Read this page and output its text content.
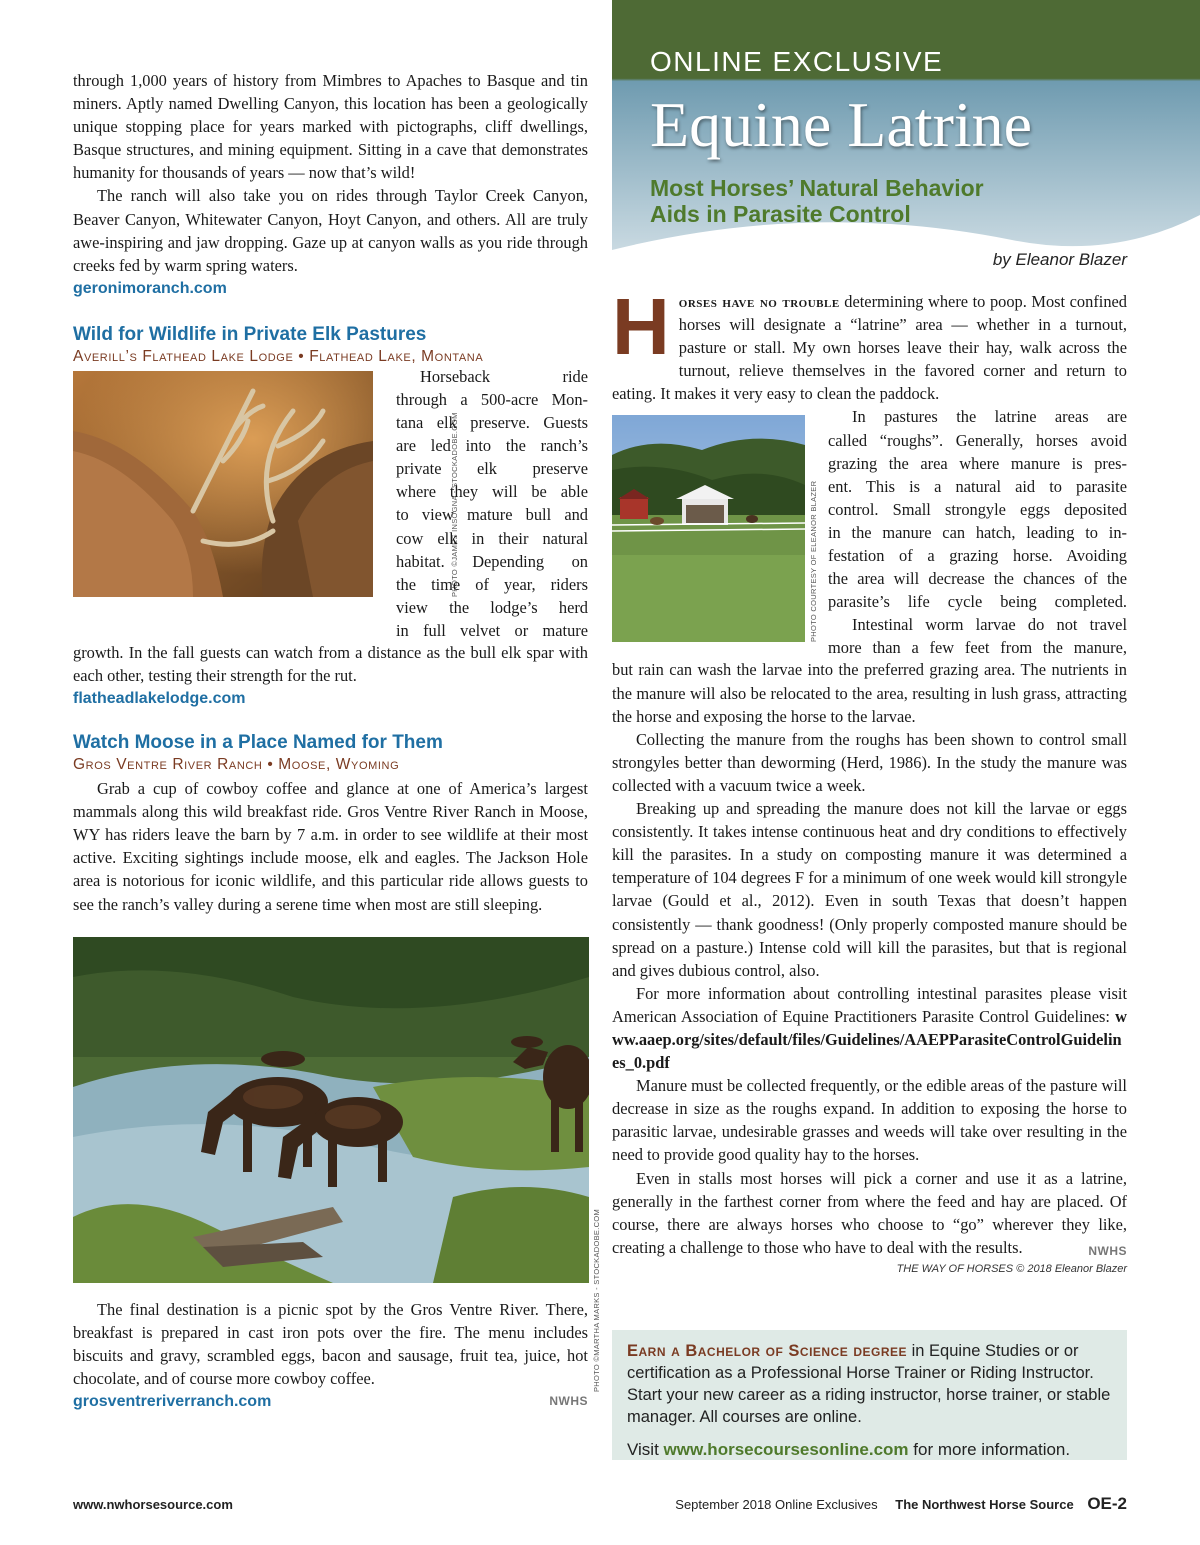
through 1,000 years of history from Mimbres to Apaches to Basque and tin miners. Aptly named Dwelling Canyon, this location has been a geologically unique stopping place for years marked with pictographs, cliff dwellings, Basque structures, and mining equipment. Sitting in a cave that demonstrates humanity for thousands of years — now that’s wild!

The ranch will also take you on rides through Taylor Creek Canyon, Beaver Canyon, Whitewater Canyon, Hoyt Canyon, and others. All are truly awe-inspiring and jaw dropping. Gaze up at canyon walls as you ride through creeks fed by warm spring waters.

geronimoranch.com
Wild for Wildlife in Private Elk Pastures
Averill’s Flathead Lake Lodge • Flathead Lake, Montana
PHOTO ©JAMES INSOGNA - STOCKADOBE.COM
Horseback ride
through a 500-acre Mon-
tana elk preserve. Guests
are led into the ranch’s
private elk preserve
where they will be able
to view mature bull and
cow elk in their natural
habitat. Depending on
the time of year, riders
view the lodge’s herd
in full velvet or mature

growth. In the fall guests can watch from a distance as the bull elk spar with each other, testing their strength for the rut.

flatheadlakelodge.com
Watch Moose in a Place Named for Them
Gros Ventre River Ranch • Moose, Wyoming

Grab a cup of cowboy coffee and glance at one of America’s largest mammals along this wild breakfast ride. Gros Ventre River Ranch in Moose, WY has riders leave the barn by 7 a.m. in order to see wildlife at their most active. Exciting sightings include moose, elk and eagles. The Jackson Hole area is notorious for iconic wildlife, and this particular ride allows guests to see the ranch’s valley during a serene time when most are still sleeping.

PHOTO ©MARTHA MARKS - STOCKADOBE.COM

The final destination is a picnic spot by the Gros Ventre River. There, breakfast is prepared in cast iron pots over the fire. The menu includes biscuits and gravy, scrambled eggs, bacon and sausage, fruit tea, juice, hot chocolate, and of course more cowboy coffee.

grosventreriverranch.com	NWHS
ONLINE EXCLUSIVE
Equine Latrine
Most Horses’ Natural Behavior
Aids in Parasite Control
by Eleanor Blazer

Horses have no trouble determining where to poop. Most confined horses will designate a “latrine” area — whether in a turnout, pasture or stall. My own horses leave their hay, walk across the turnout, relieve themselves in the favored corner and return to eating. It makes it very easy to clean the paddock.

PHOTO COURTESY OF ELEANOR BLAZER
In pastures the latrine areas are
called “roughs”. Generally, horses avoid
grazing the area where manure is pres-
ent. This is a natural aid to parasite
control. Small strongyle eggs deposited
in the manure can hatch, leading to in-
festation of a grazing horse. Avoiding
the area will decrease the chances of the
parasite’s life cycle being completed.
Intestinal worm larvae do not travel
more than a few feet from the manure,

but rain can wash the larvae into the preferred grazing area. The nutrients in the manure will also be relocated to the area, resulting in lush grass, attracting the horse and exposing the horse to the larvae.

Collecting the manure from the roughs has been shown to control small strongyles better than deworming (Herd, 1986). In the study the manure was collected with a vacuum twice a week.

Breaking up and spreading the manure does not kill the larvae or eggs consistently. It takes intense continuous heat and dry conditions to effectively kill the parasites. In a study on composting manure it was determined a temperature of 104 degrees F for a minimum of one week would kill strongyle larvae (Gould et al., 2012). Even in south Texas that doesn’t happen consistently — thank goodness! (Only properly composted manure should be spread on a pasture.) Intense cold will kill the parasites, but that is regional and gives dubious control, also.

For more information about controlling intestinal parasites please visit American Association of Equine Practitioners Parasite Control Guidelines: www.aaep.org/sites/default/files/Guidelines/AAEPParasiteControlGuidelines_0.pdf

Manure must be collected frequently, or the edible areas of the pasture will decrease in size as the roughs expand. In addition to exposing the horse to parasitic larvae, undesirable grasses and weeds will take over resulting in the need to provide good quality hay to the horses.

Even in stalls most horses will pick a corner and use it as a latrine, generally in the farthest corner from where the feed and hay are placed. Of course, there are always horses who choose to “go” wherever they like, creating a challenge to those who have to deal with the results.	NWHS

THE WAY OF HORSES © 2018 Eleanor Blazer

Earn a Bachelor of Science degree in Equine Studies or or certification as a Professional Horse Trainer or Riding Instructor. Start your new career as a riding instructor, horse trainer, or stable manager. All courses are online.

Visit www.horsecoursesonline.com for more information.

www.nwhorsesource.com	September 2018 Online Exclusives The Northwest Horse Source OE-2
